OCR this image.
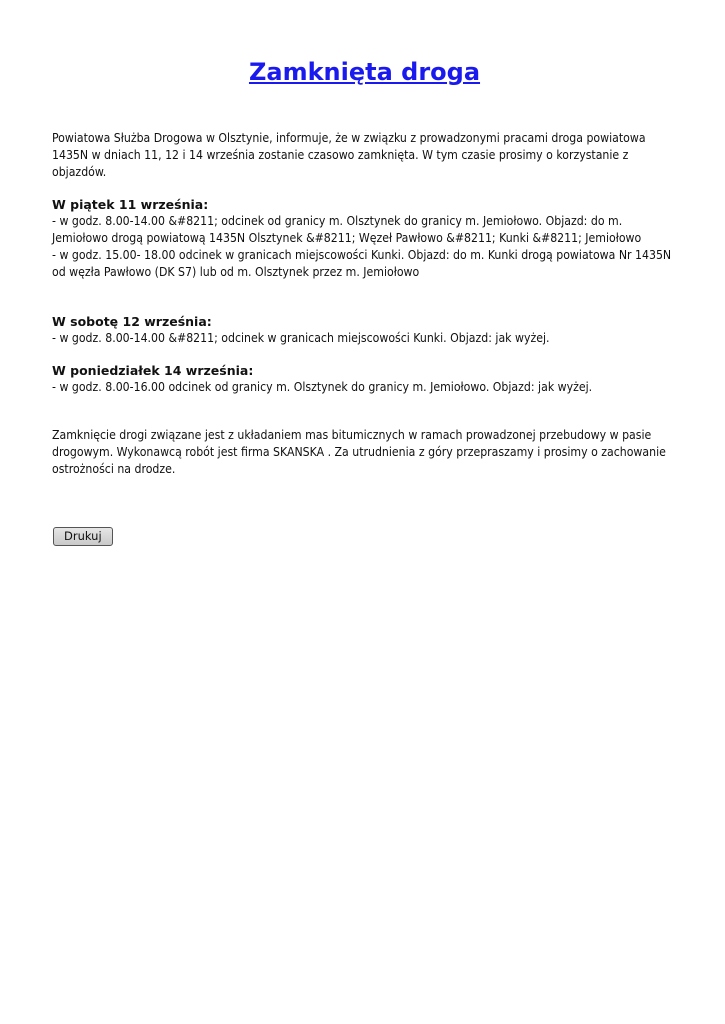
Zamknięta droga

Powiatowa Służba Drogowa w Olsztynie, informuje, że w związku z prowadzonymi pracami droga powiatowa 1435N w dniach 11, 12 i 14 września zostanie czasowo zamknięta. W tym czasie prosimy o korzystanie z objazdów.

W piątek 11 września:
- w godz. 8.00-14.00 &#8211; odcinek od granicy m. Olsztynek do granicy m. Jemiołowo. Objazd: do m. Jemiołowo drogą powiatową 1435N Olsztynek &#8211; Węzeł Pawłowo &#8211; Kunki &#8211; Jemiołowo
- w godz. 15.00- 18.00 odcinek w granicach miejscowości Kunki. Objazd: do m. Kunki drogą powiatowa Nr 1435N od węzła Pawłowo (DK S7) lub od m. Olsztynek przez m. Jemiołowo
W sobotę 12 września:
- w godz. 8.00-14.00 &#8211; odcinek w granicach miejscowości Kunki. Objazd: jak wyżej.
W poniedziałek 14 września:
- w godz. 8.00-16.00 odcinek od granicy m. Olsztynek do granicy m. Jemiołowo. Objazd: jak wyżej.

Zamknięcie drogi związane jest z układaniem mas bitumicznych w ramach prowadzonej przebudowy w pasie drogowym. Wykonawcą robót jest firma SKANSKA . Za utrudnienia z góry przepraszamy i prosimy o zachowanie ostrożności na drodze.

Drukuj
